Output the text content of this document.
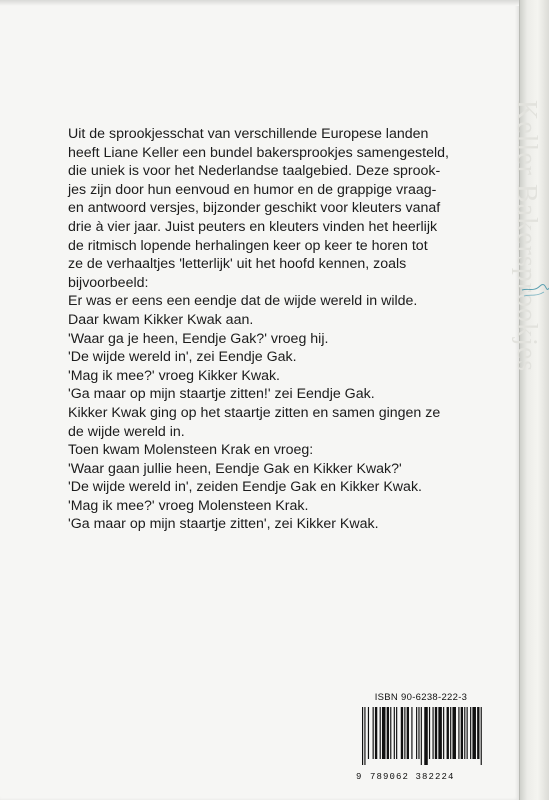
Uit de sprookjesschat van verschillende Europese landen
heeft Liane Keller een bundel bakersprookjes samengesteld,
die uniek is voor het Nederlandse taalgebied. Deze sprook-
jes zijn door hun eenvoud en humor en de grappige vraag-
en antwoord versjes, bijzonder geschikt voor kleuters vanaf
drie à vier jaar. Juist peuters en kleuters vinden het heerlijk
de ritmisch lopende herhalingen keer op keer te horen tot
ze de verhaaltjes 'letterlijk' uit het hoofd kennen, zoals
bijvoorbeeld:

Er was er eens een eendje dat de wijde wereld in wilde.
Daar kwam Kikker Kwak aan.
'Waar ga je heen, Eendje Gak?' vroeg hij.
'De wijde wereld in', zei Eendje Gak.
'Mag ik mee?' vroeg Kikker Kwak.
'Ga maar op mijn staartje zitten!' zei Eendje Gak.
Kikker Kwak ging op het staartje zitten en samen gingen ze
de wijde wereld in.
Toen kwam Molensteen Krak en vroeg:
'Waar gaan jullie heen, Eendje Gak en Kikker Kwak?'
'De wijde wereld in', zeiden Eendje Gak en Kikker Kwak.
'Mag ik mee?' vroeg Molensteen Krak.
'Ga maar op mijn staartje zitten', zei Kikker Kwak.

ISBN 90-6238-222-3
9 789062 382224
Keller Bakersprookjes
